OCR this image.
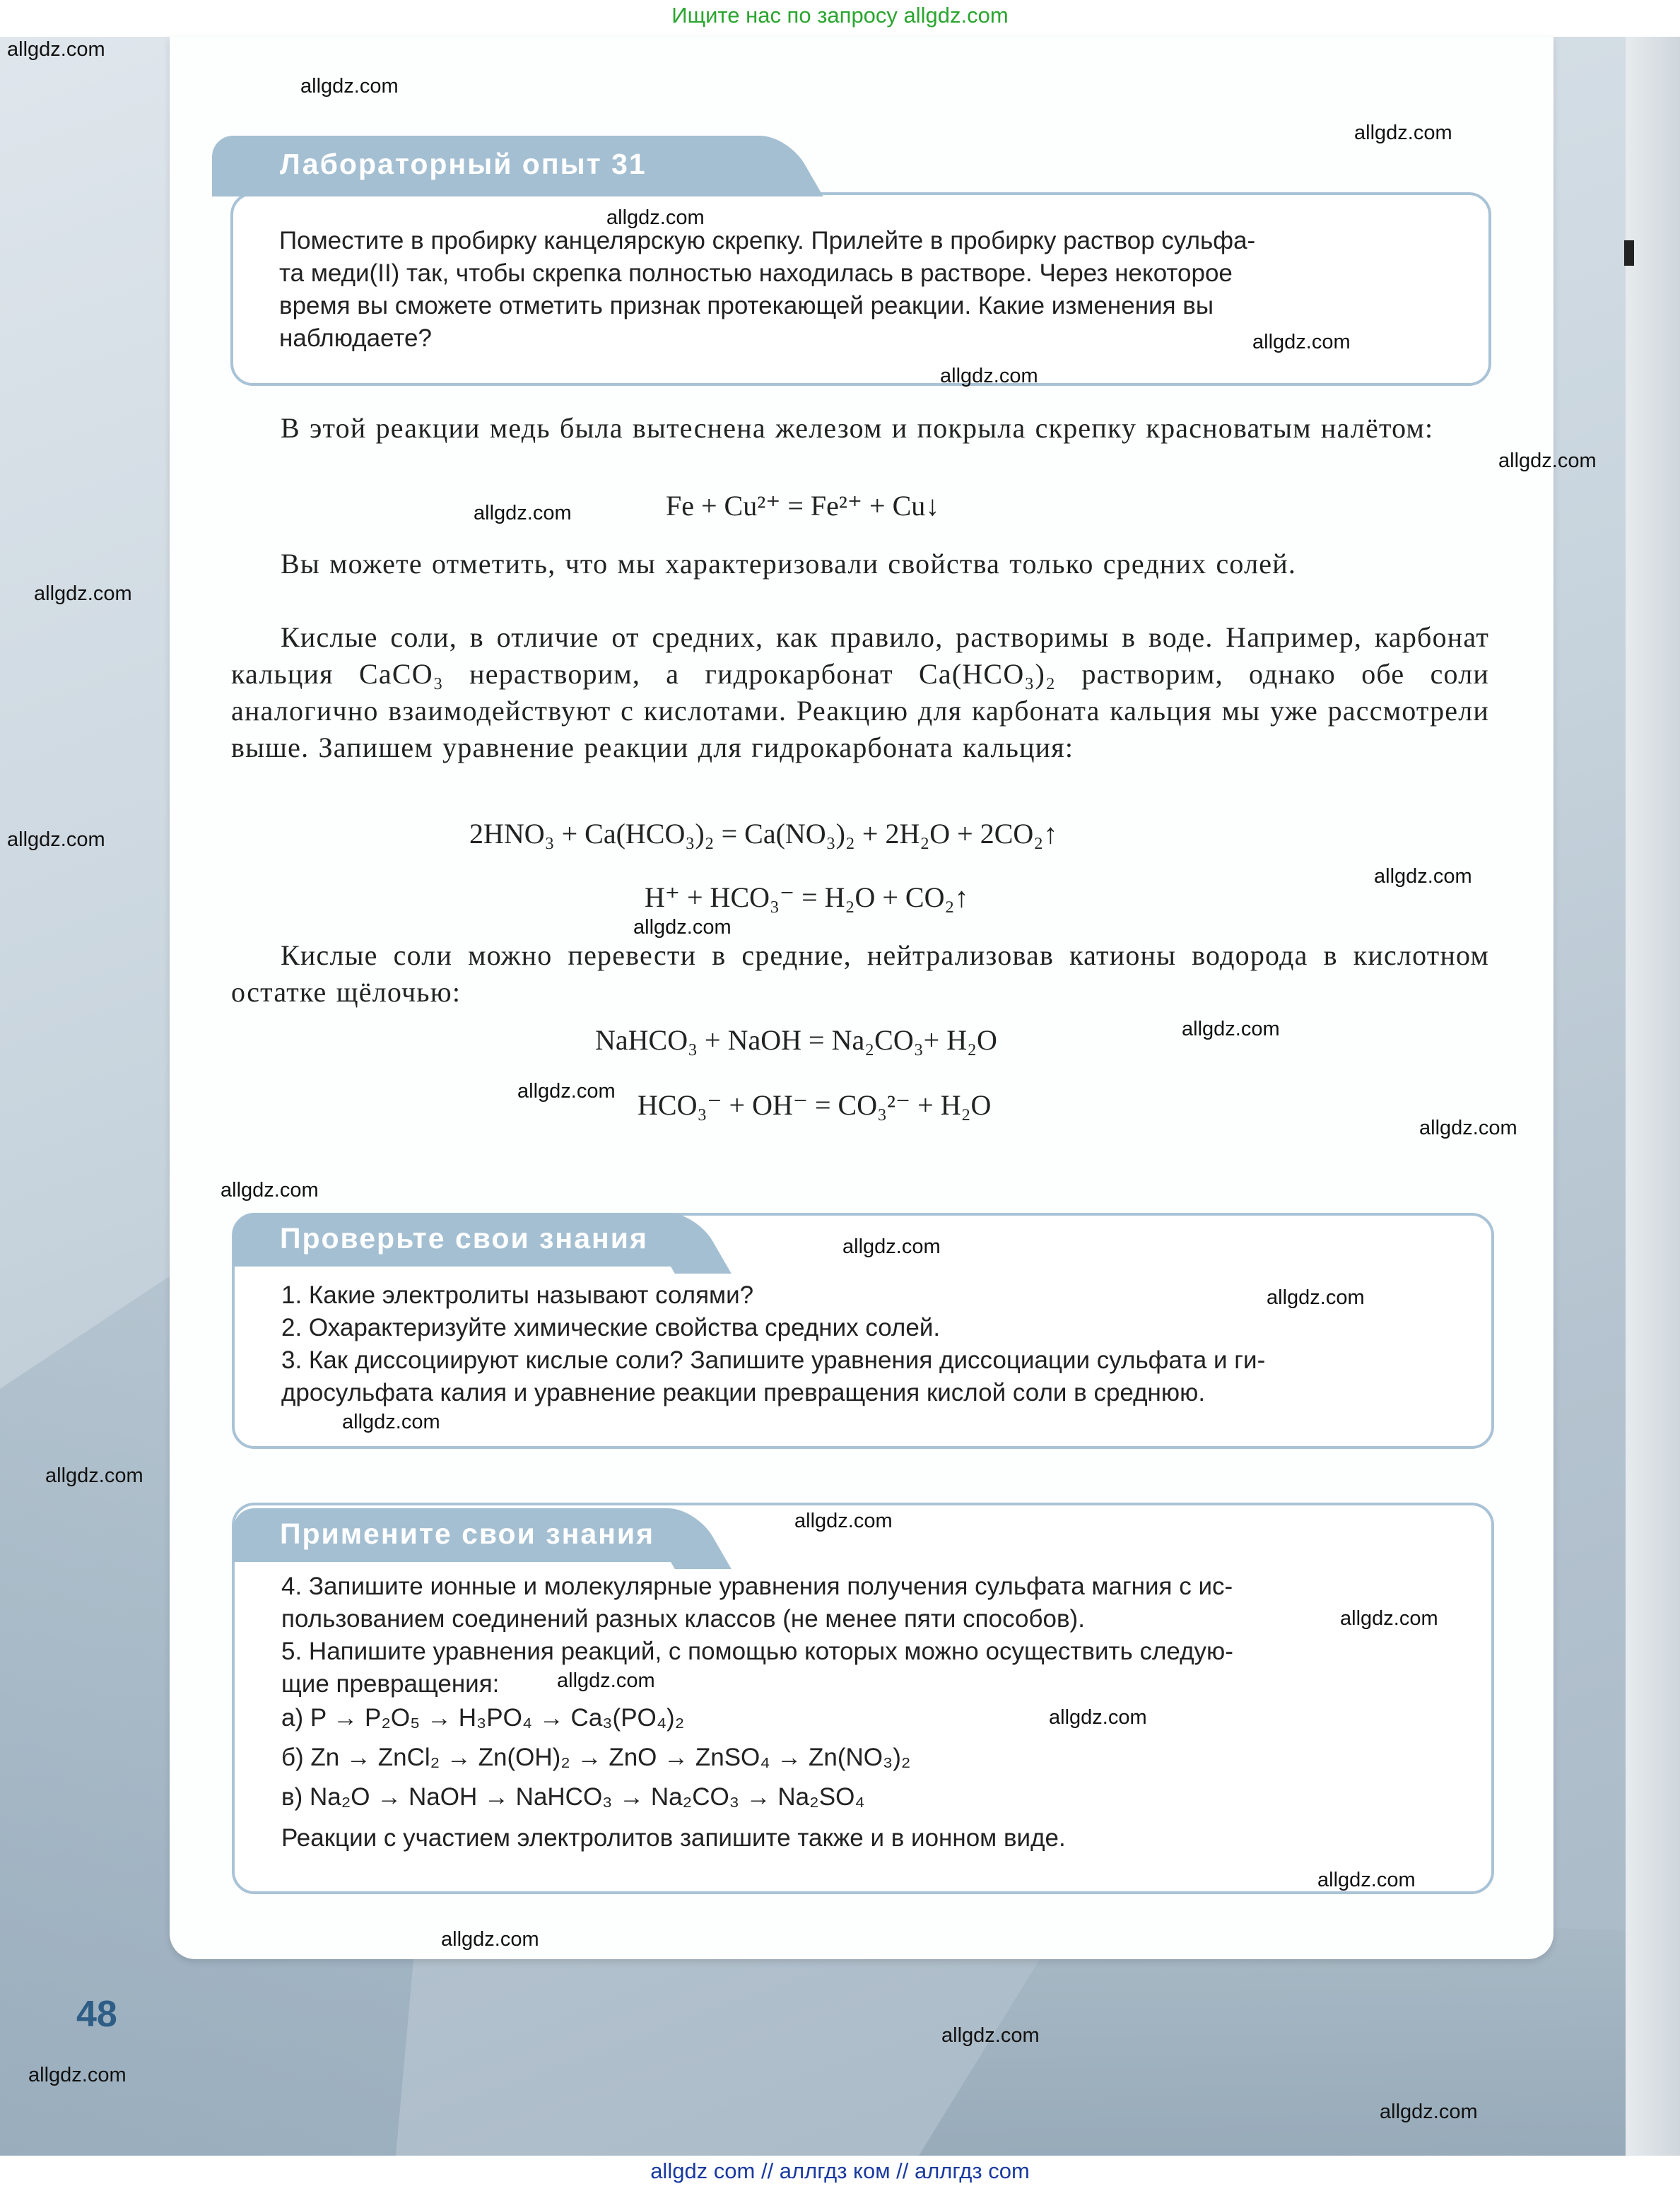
Ищите нас по запросу allgdz.com
Лабораторный опыт 31
Поместите в пробирку канцелярскую скрепку. Прилейте в пробирку раствор сульфа-
та меди(II) так, чтобы скрепка полностью находилась в растворе. Через некоторое
время вы сможете отметить признак протекающей реакции. Какие изменения вы
наблюдаете?
В этой реакции медь была вытеснена железом и покрыла скрепку красноватым налётом:
Fe + Cu²⁺ = Fe²⁺ + Cu↓
Вы можете отметить, что мы характеризовали свойства только средних солей.
Кислые соли, в отличие от средних, как правило, растворимы в воде. Например, карбонат кальция CaCO₃ нерастворим, а гидрокарбонат Ca(HCO₃)₂ растворим, однако обе соли аналогично взаимодействуют с кислотами. Реакцию для карбоната кальция мы уже рассмотрели выше. Запишем уравнение реакции для гидрокарбоната кальция:
2HNO₃ + Ca(HCO₃)₂ = Ca(NO₃)₂ + 2H₂O + 2CO₂↑
H⁺ + HCO₃⁻ = H₂O + CO₂↑
Кислые соли можно перевести в средние, нейтрализовав катионы водорода в кислотном остатке щёлочью:
NaHCO₃ + NaOH = Na₂CO₃+ H₂O
HCO₃⁻ + OH⁻ = CO₃²⁻ + H₂O
Проверьте свои знания
1. Какие электролиты называют солями?
2. Охарактеризуйте химические свойства средних солей.
3. Как диссоциируют кислые соли? Запишите уравнения диссоциации сульфата и ги-
дросульфата калия и уравнение реакции превращения кислой соли в среднюю.
Примените свои знания
4. Запишите ионные и молекулярные уравнения получения сульфата магния с ис-
пользованием соединений разных классов (не менее пяти способов).
5. Напишите уравнения реакций, с помощью которых можно осуществить следую-
щие превращения:
а) P → P₂O₅ → H₃PO₄ → Ca₃(PO₄)₂
б) Zn → ZnCl₂ → Zn(OH)₂ → ZnO → ZnSO₄ → Zn(NO₃)₂
в) Na₂O → NaOH → NaHCO₃ → Na₂CO₃ → Na₂SO₄
Реакции с участием электролитов запишите также и в ионном виде.
48
allgdz.com
allgdz.com
allgdz.com
allgdz.com
allgdz.com
allgdz.com
allgdz.com
allgdz.com
allgdz.com
allgdz.com
allgdz.com
allgdz.com
allgdz.com
allgdz.com
allgdz.com
allgdz.com
allgdz.com
allgdz.com
allgdz.com
allgdz.com
allgdz.com
allgdz.com
allgdz.com
allgdz.com
allgdz.com
allgdz.com
allgdz.com
allgdz.com
allgdz.com
allgdz com // аллгдз ком // аллгдз com
